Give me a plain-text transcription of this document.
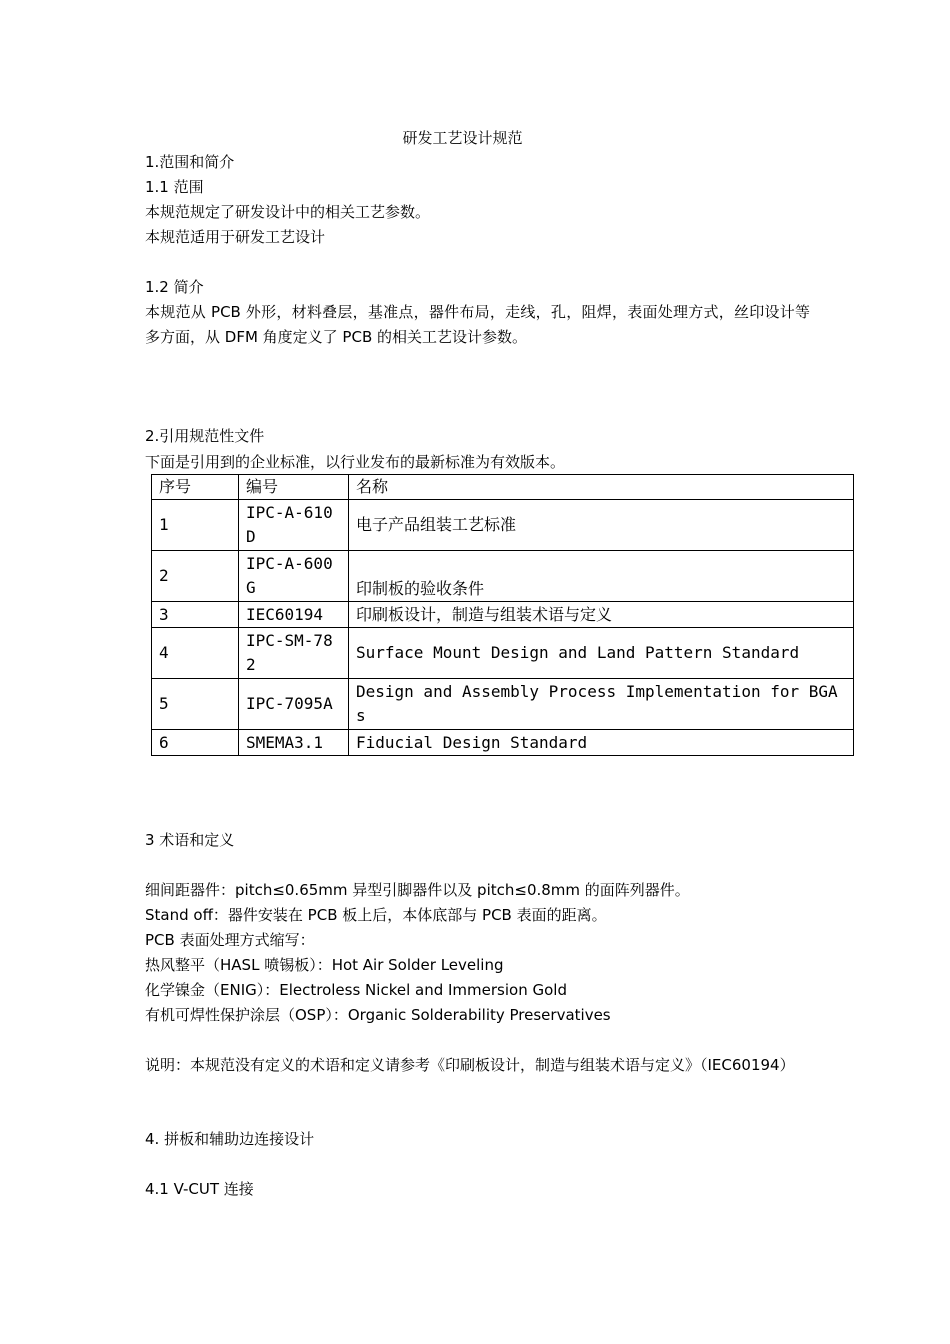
研发工艺设计规范
1.范围和简介
1.1 范围
本规范规定了研发设计中的相关工艺参数。
本规范适用于研发工艺设计
1.2 简介
本规范从 PCB 外形，材料叠层，基准点，器件布局，走线，孔，阻焊，表面处理方式，丝印设计等多方面，从 DFM 角度定义了 PCB 的相关工艺设计参数。
2.引用规范性文件
下面是引用到的企业标准，以行业发布的最新标准为有效版本。
序号	编号	名称
1	IPC-A-610D	电子产品组装工艺标准
2	IPC-A-600G	印制板的验收条件
3	IEC60194	印刷板设计，制造与组装术语与定义
4	IPC-SM-782	Surface Mount Design and Land Pattern Standard
5	IPC-7095A	Design and Assembly Process Implementation for BGAs
6	SMEMA3.1	Fiducial Design Standard
3 术语和定义
细间距器件：pitch≤0.65mm 异型引脚器件以及 pitch≤0.8mm 的面阵列器件。
Stand off：器件安装在 PCB 板上后，本体底部与 PCB 表面的距离。
PCB 表面处理方式缩写：
热风整平（HASL 喷锡板）：Hot Air Solder Leveling
化学镍金（ENIG）：Electroless Nickel and Immersion Gold
有机可焊性保护涂层（OSP）：Organic Solderability Preservatives
说明：本规范没有定义的术语和定义请参考《印刷板设计，制造与组装术语与定义》（IEC60194）
4. 拼板和辅助边连接设计
4.1 V-CUT 连接
